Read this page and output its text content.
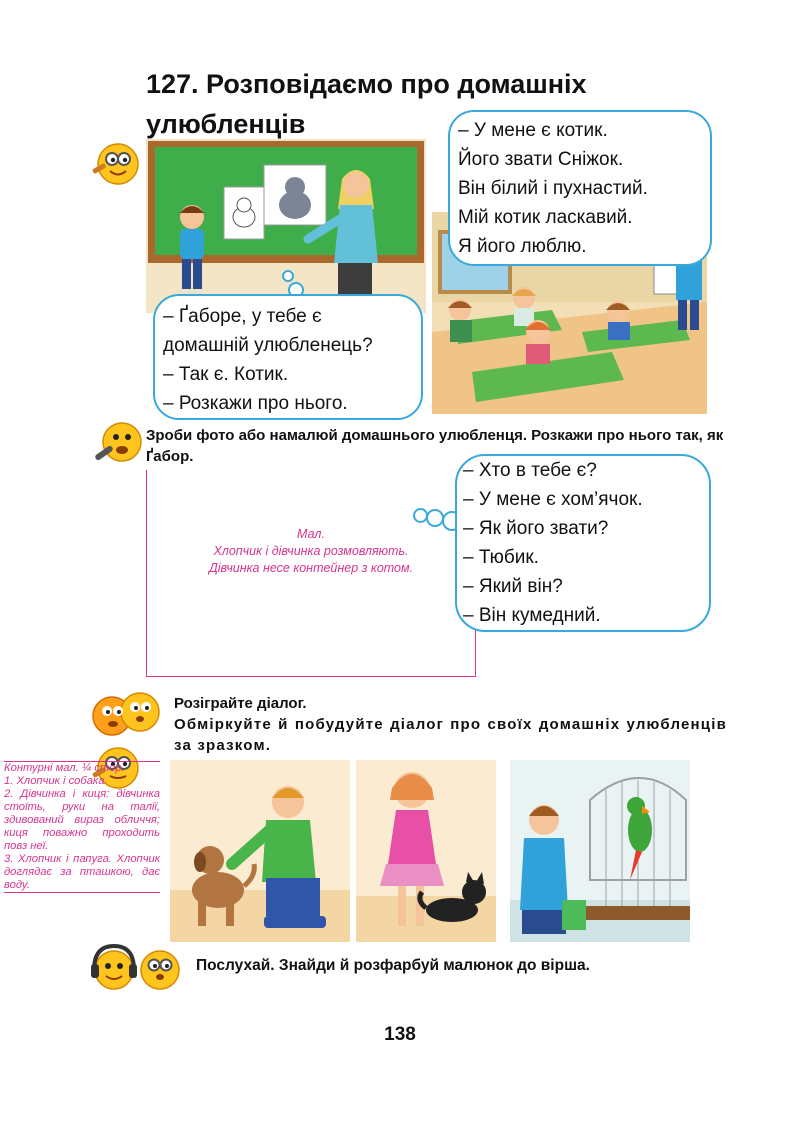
127. Розповідаємо про домашніх
улюбленців
– Ґаборе, у тебе є
домашній улюбленець?
– Так є. Котик.
– Розкажи про нього.
– У мене є котик.
Його звати Сніжок.
Він білий і пухнастий.
Мій котик ласкавий.
Я його люблю.
Зроби фото або намалюй домашнього улюбленця. Розкажи про нього так, як Ґабор.
Мал.
Хлопчик і дівчинка розмовляють.
Дівчинка несе контейнер з котом.
– Хто в тебе є?
– У мене є хом’ячок.
– Як його звати?
– Тюбик.
– Який він?
– Він кумедний.
Розіграйте діалог.
Обміркуйте й побудуйте діалог про своїх домашніх улюбленців за зразком.
Контурні мал. ¼ стор.
1. Хлопчик і собака.
2. Дівчинка і киця: дівчинка стоїть, руки на талії, здивований вираз обличчя; киця поважно проходить повз неї.
3. Хлопчик і папуга. Хлопчик доглядає за пташкою, дає воду.
Послухай. Знайди й розфарбуй малюнок до вірша.
138
